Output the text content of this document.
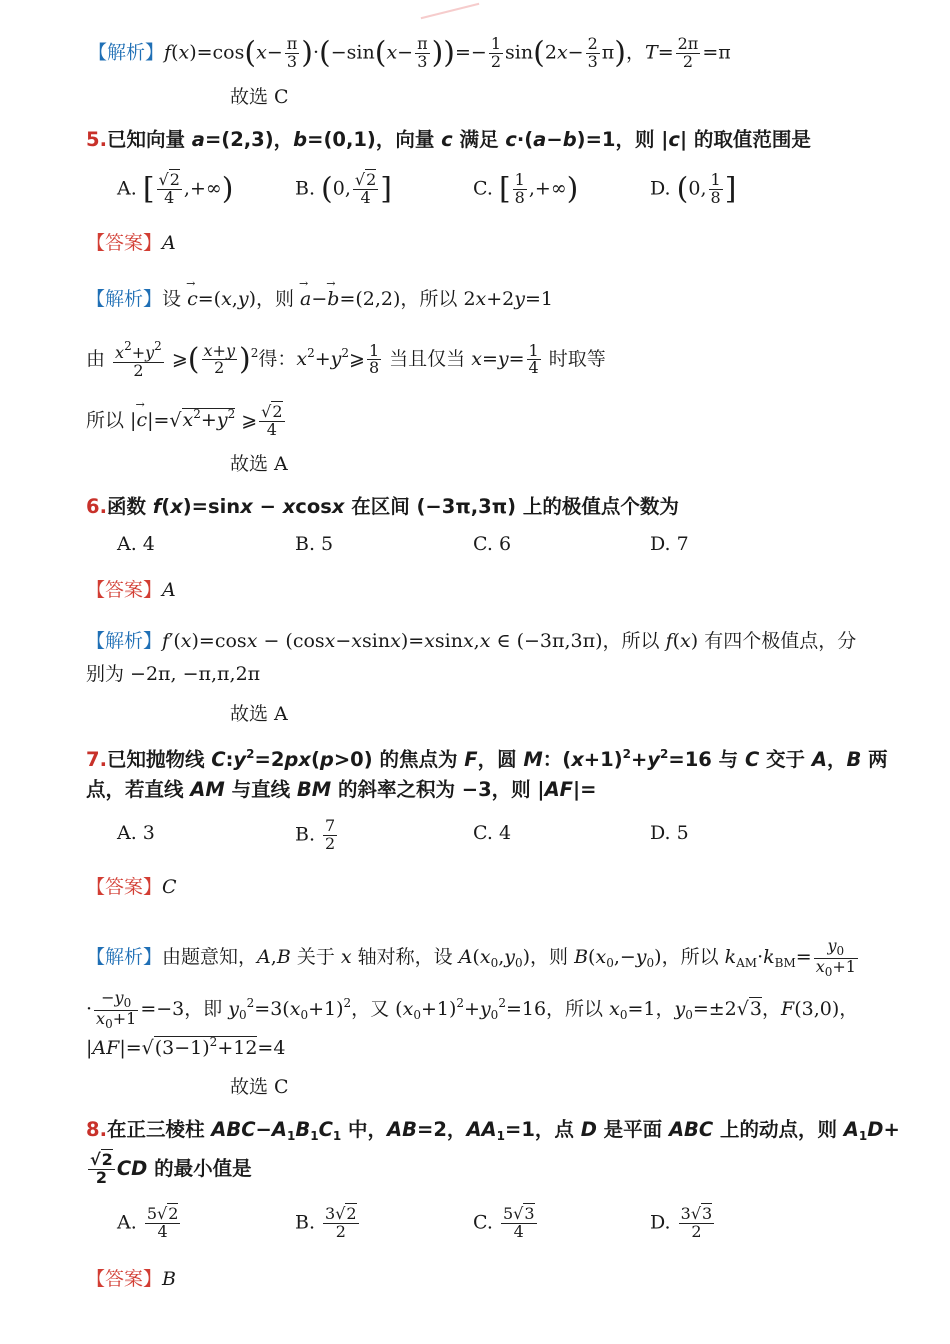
【解析】$f(x)=\cos(x- \frac{\pi}{3} )\cdot(-\sin(x- \frac{\pi}{3}$ ))=− $\frac{1}{2} \sin(2x- \frac{2}{3} \pi)$，$T= \frac{2\pi}{2} =\pi$
故选 C
5.已知向量 a=(2,3)，b=(0,1)，向量 c 满足 c·(a−b)=1，则 |c| 的取值范围是
A. [ $\frac{√2}{4}$ ,+∞)	B. (0, $\frac{√2}{4}$ ]	C. [ $\frac{1}{8}$ ,+∞)	D. (0, $\frac{1}{8}$ ]
【答案】A
【解析】设 c →=(x,y)，则 a →−b →=(2,2)，所以 2x+2y=1
由 $\frac{x^2+y^2}{2}$ ⩾( $\frac{x+y}{2} )^2$得：$x^2+y^2⩾ \frac{1}{8}$ 当且仅当 $x=y= \frac{1}{4}$ 时取等
所以 $|c \to|=√x^2+y^2$ ⩾ $\frac{√2}{4}$
故选 A
6.函数 f(x)=sinx − xcosx 在区间 (−3π,3π) 上的极值点个数为
A. 4	B. 5	C. 6	D. 7
【答案】A
【解析】f′(x)=cosx − (cosx−xsinx)=xsinx,x ∈ (−3π,3π)，所以 f(x) 有四个极值点，分
别为 −2π, −π,π,2π
故选 A
7.已知抛物线 $C:y^2=2px(p>0)$ 的焦点为 F，圆 M：$(x+1)^2+y^2=16$ 与 C 交于 A，B 两
点，若直线 AM 与直线 BM 的斜率之积为 −3，则 |AF|=
A. 3	B. $\frac{7}{2}$	C. 4	D. 5
【答案】C
【解析】由题意知，A,B 关于 x 轴对称，设 $A(x_0,y_0)$，则 $B(x_0,-y_0)$，所以 $k_{AM}\cdot k_{BM}= \frac{y_0}{x_0+1}$
· $\frac{-y_0}{x_0+1} =-3$，即 $y_0^2=3(x_0+1)^2$，又 $(x_0+1)^2+y_0^2=16$，所以 $x_0=1$，$y_0=\pm 2√3$，F(3,0)，
$|AF|=√(3-1)^2+12=4$
故选 C
8.在正三棱柱 $ABC-A_1B_1C_1$ 中，AB=2，$AA_1=1$，点 D 是平面 ABC 上的动点，则 $A_1D+$
$\frac{√2}{2}$ CD 的最小值是
A. $\frac{5√2}{4}$	B. $\frac{3√2}{2}$	C. $\frac{5√3}{4}$	D. $\frac{3√3}{2}$
【答案】B
